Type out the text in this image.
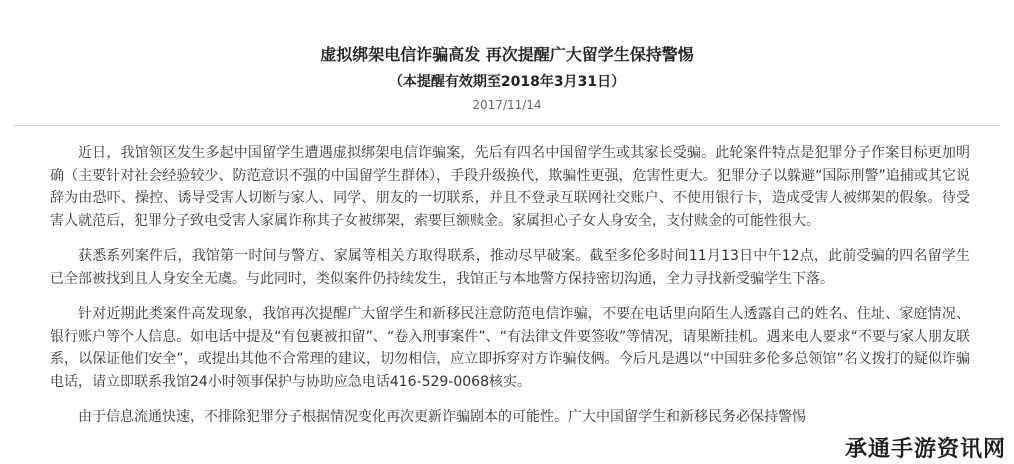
虚拟绑架电信诈骗高发 再次提醒广大留学生保持警惕
（本提醒有效期至2018年3月31日）
2017/11/14

近日，我馆领区发生多起中国留学生遭遇虚拟绑架电信诈骗案，先后有四名中国留学生或其家长受骗。此轮案件特点是犯罪分子作案目标更加明确（主要针对社会经验较少、防范意识不强的中国留学生群体），手段升级换代，欺骗性更强，危害性更大。犯罪分子以躲避“国际刑警”追捕或其它说辞为由恐吓、操控、诱导受害人切断与家人、同学、朋友的一切联系，并且不登录互联网社交账户、不使用银行卡，造成受害人被绑架的假象。待受害人就范后，犯罪分子致电受害人家属诈称其子女被绑架，索要巨额赎金。家属担心子女人身安全，支付赎金的可能性很大。

获悉系列案件后，我馆第一时间与警方、家属等相关方取得联系，推动尽早破案。截至多伦多时间11月13日中午12点，此前受骗的四名留学生已全部被找到且人身安全无虞。与此同时，类似案件仍持续发生，我馆正与本地警方保持密切沟通，全力寻找新受骗学生下落。

针对近期此类案件高发现象，我馆再次提醒广大留学生和新移民注意防范电信诈骗，不要在电话里向陌生人透露自己的姓名、住址、家庭情况、银行账户等个人信息。如电话中提及“有包裹被扣留”、“卷入刑事案件”、“有法律文件要签收”等情况，请果断挂机。遇来电人要求“不要与家人朋友联系，以保证他们安全”，或提出其他不合常理的建议，切勿相信，应立即拆穿对方诈骗伎俩。今后凡是遇以“中国驻多伦多总领馆”名义拨打的疑似诈骗电话，请立即联系我馆24小时领事保护与协助应急电话416-529-0068核实。

由于信息流通快速，不排除犯罪分子根据情况变化再次更新诈骗剧本的可能性。广大中国留学生和新移民务必保持警惕

承通手游资讯网
